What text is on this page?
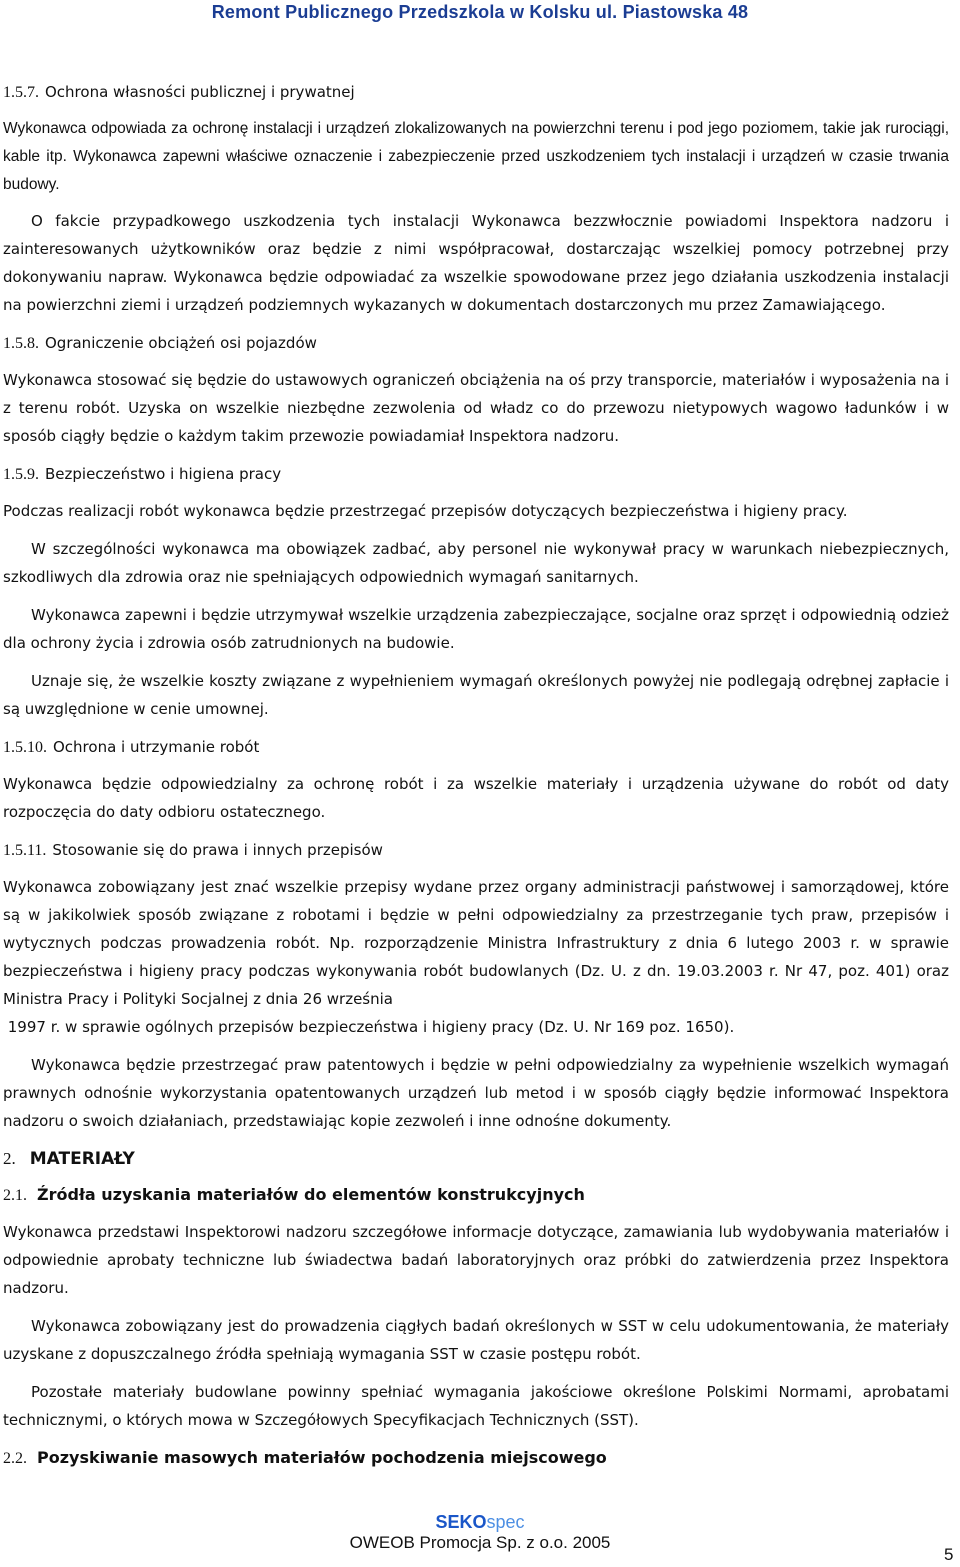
Remont Publicznego Przedszkola w Kolsku ul. Piastowska 48
1.5.7. Ochrona własności publicznej i prywatnej

Wykonawca odpowiada za ochronę instalacji i urządzeń zlokalizowanych na powierzchni terenu i pod jego poziomem, takie jak rurociągi, kable itp. Wykonawca zapewni właściwe oznaczenie i zabezpieczenie przed uszkodzeniem tych instalacji i urządzeń w czasie trwania budowy.

O fakcie przypadkowego uszkodzenia tych instalacji Wykonawca bezzwłocznie powiadomi Inspektora nadzoru i zainteresowanych użytkowników oraz będzie z nimi współpracował, dostarczając wszelkiej pomocy potrzebnej przy dokonywaniu napraw. Wykonawca będzie odpowiadać za wszelkie spowodowane przez jego działania uszkodzenia instalacji na powierzchni ziemi i urządzeń podziemnych wykazanych w dokumentach dostarczonych mu przez Zamawiającego.

1.5.8. Ograniczenie obciążeń osi pojazdów

Wykonawca stosować się będzie do ustawowych ograniczeń obciążenia na oś przy transporcie, materiałów i wyposażenia na i z terenu robót. Uzyska on wszelkie niezbędne zezwolenia od władz co do przewozu nietypowych wagowo ładunków i w sposób ciągły będzie o każdym takim przewozie powiadamiał Inspektora nadzoru.

1.5.9. Bezpieczeństwo i higiena pracy

Podczas realizacji robót wykonawca będzie przestrzegać przepisów dotyczących bezpieczeństwa i higieny pracy.

W szczególności wykonawca ma obowiązek zadbać, aby personel nie wykonywał pracy w warunkach niebezpiecznych, szkodliwych dla zdrowia oraz nie spełniających odpowiednich wymagań sanitarnych.

Wykonawca zapewni i będzie utrzymywał wszelkie urządzenia zabezpieczające, socjalne oraz sprzęt i odpowiednią odzież dla ochrony życia i zdrowia osób zatrudnionych na budowie.

Uznaje się, że wszelkie koszty związane z wypełnieniem wymagań określonych powyżej nie podlegają odrębnej zapłacie i są uwzględnione w cenie umownej.

1.5.10. Ochrona i utrzymanie robót

Wykonawca będzie odpowiedzialny za ochronę robót i za wszelkie materiały i urządzenia używane do robót od daty rozpoczęcia do daty odbioru ostatecznego.

1.5.11. Stosowanie się do prawa i innych przepisów

Wykonawca zobowiązany jest znać wszelkie przepisy wydane przez organy administracji państwowej i samorządowej, które są w jakikolwiek sposób związane z robotami i będzie w pełni odpowiedzialny za przestrzeganie tych praw, przepisów i wytycznych podczas prowadzenia robót. Np. rozporządzenie Ministra Infrastruktury z dnia 6 lutego 2003 r. w sprawie bezpieczeństwa i higieny pracy podczas wykonywania robót budowlanych (Dz. U. z dn. 19.03.2003 r. Nr 47, poz. 401) oraz Ministra Pracy i Polityki Socjalnej z dnia 26 września

1997 r. w sprawie ogólnych przepisów bezpieczeństwa i higieny pracy (Dz. U. Nr 169 poz. 1650).

Wykonawca będzie przestrzegać praw patentowych i będzie w pełni odpowiedzialny za wypełnienie wszelkich wymagań prawnych odnośnie wykorzystania opatentowanych urządzeń lub metod i w sposób ciągły będzie informować Inspektora nadzoru o swoich działaniach, przedstawiając kopie zezwoleń i inne odnośne dokumenty.

2. MATERIAŁY
2.1. Źródła uzyskania materiałów do elementów konstrukcyjnych

Wykonawca przedstawi Inspektorowi nadzoru szczegółowe informacje dotyczące, zamawiania lub wydobywania materiałów i odpowiednie aprobaty techniczne lub świadectwa badań laboratoryjnych oraz próbki do zatwierdzenia przez Inspektora nadzoru.

Wykonawca zobowiązany jest do prowadzenia ciągłych badań określonych w SST w celu udokumentowania, że materiały uzyskane z dopuszczalnego źródła spełniają wymagania SST w czasie postępu robót.

Pozostałe materiały budowlane powinny spełniać wymagania jakościowe określone Polskimi Normami, aprobatami technicznymi, o których mowa w Szczegółowych Specyfikacjach Technicznych (SST).

2.2. Pozyskiwanie masowych materiałów pochodzenia miejscowego
SEKOspec
OWEOB Promocja Sp. z o.o. 2005
5
